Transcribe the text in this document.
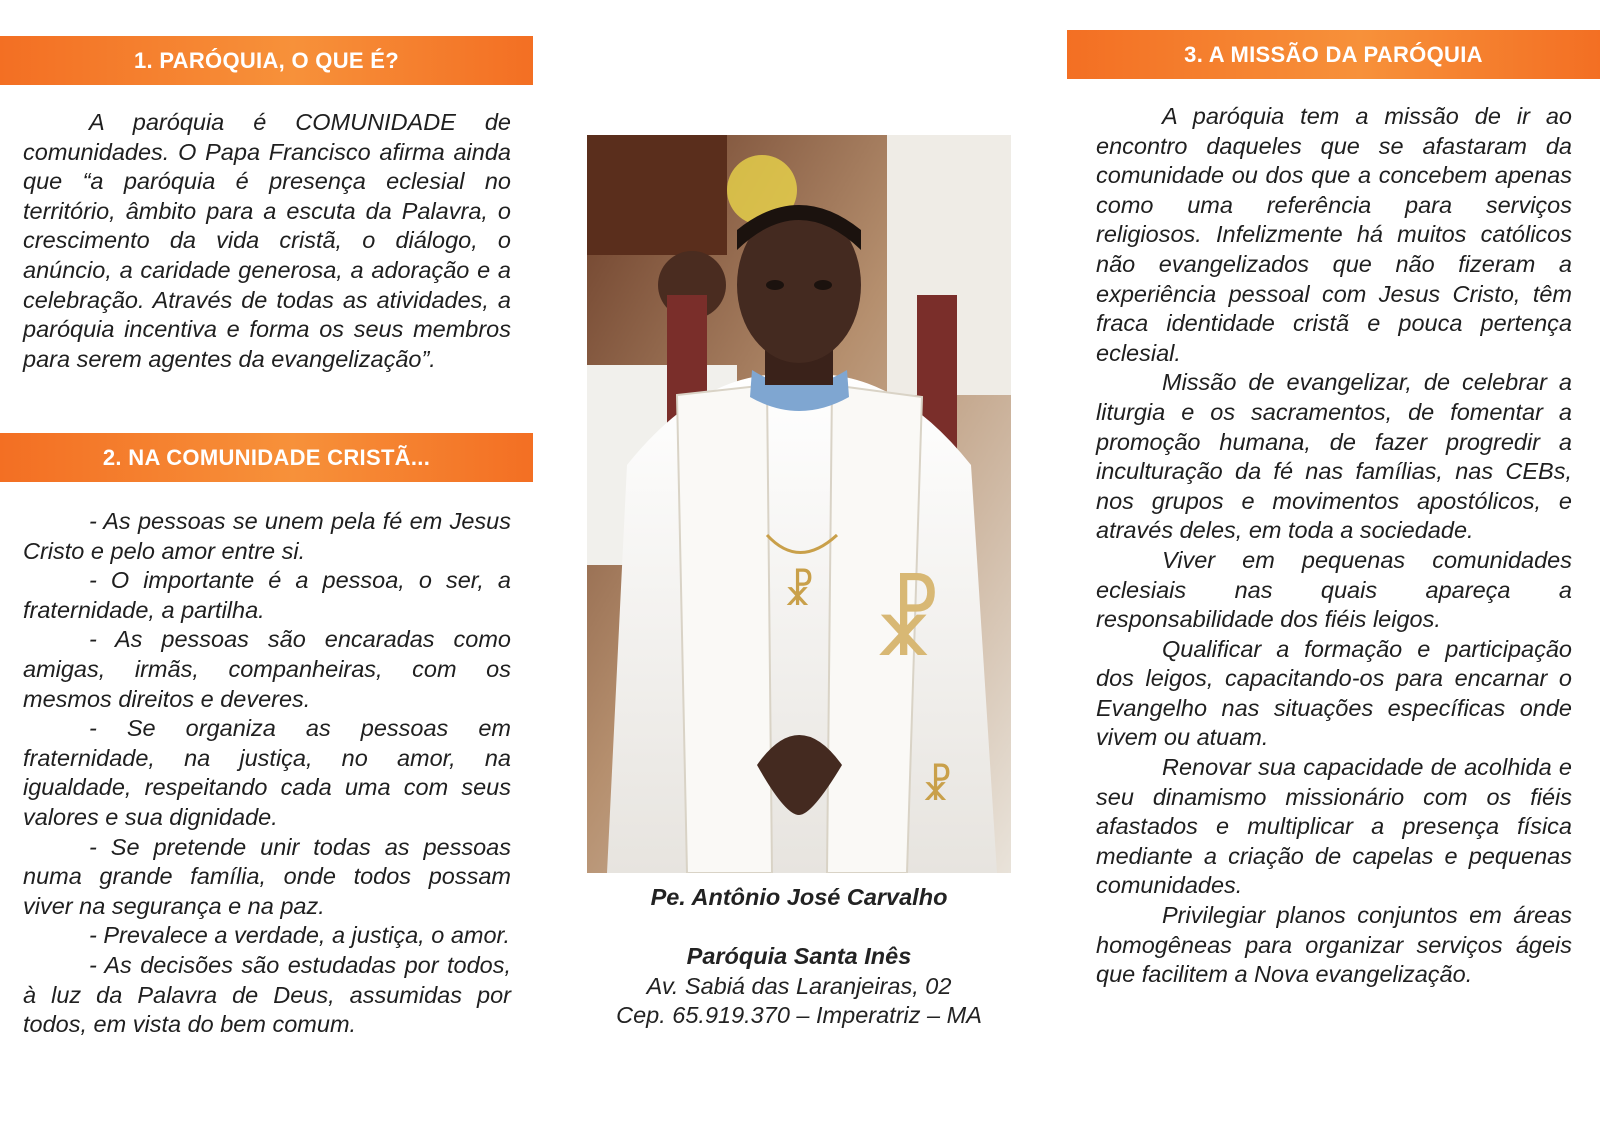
1. PARÓQUIA, O QUE É?

A paróquia é COMUNIDADE de comunidades. O Papa Francisco afirma ainda que “a paróquia é presença eclesial no território, âmbito para a escuta da Palavra, o crescimento da vida cristã, o diálogo, o anúncio, a caridade generosa, a adoração e a celebração. Através de todas as atividades, a paróquia incentiva e forma os seus membros para serem agentes da evangelização”.

2. NA COMUNIDADE CRISTÃ...

- As pessoas se unem pela fé em Jesus Cristo e pelo amor entre si.

- O importante é a pessoa, o ser, a fraternidade, a partilha.

- As pessoas são encaradas como amigas, irmãs, companheiras, com os mesmos direitos e deveres.

- Se organiza as pessoas em fraternidade, na justiça, no amor, na igualdade, respeitando cada uma com seus valores e sua dignidade.

- Se pretende unir todas as pessoas numa grande família, onde todos possam viver na segurança e na paz.

- Prevalece a verdade, a justiça, o amor.

- As decisões são estudadas por todos, à luz da Palavra de Deus, assumidas por todos, em vista do bem comum.

☧ ☧
☧
Pe. Antônio José Carvalho
Paróquia Santa Inês
Av. Sabiá das Laranjeiras, 02
Cep. 65.919.370 – Imperatriz – MA
3. A MISSÃO DA PARÓQUIA

A paróquia tem a missão de ir ao encontro daqueles que se afastaram da comunidade ou dos que a concebem apenas como uma referência para serviços religiosos. Infelizmente há muitos católicos não evangelizados que não fizeram a experiência pessoal com Jesus Cristo, têm fraca identidade cristã e pouca pertença eclesial.

Missão de evangelizar, de celebrar a liturgia e os sacramentos, de fomentar a promoção humana, de fazer progredir a inculturação da fé nas famílias, nas CEBs, nos grupos e movimentos apostólicos, e através deles, em toda a sociedade.

Viver em pequenas comunidades eclesiais nas quais apareça a responsabilidade dos fiéis leigos.

Qualificar a formação e participação dos leigos, capacitando-os para encarnar o Evangelho nas situações específicas onde vivem ou atuam.

Renovar sua capacidade de acolhida e seu dinamismo missionário com os fiéis afastados e multiplicar a presença física mediante a criação de capelas e pequenas comunidades.

Privilegiar planos conjuntos em áreas homogêneas para organizar serviços ágeis que facilitem a Nova evangelização.
